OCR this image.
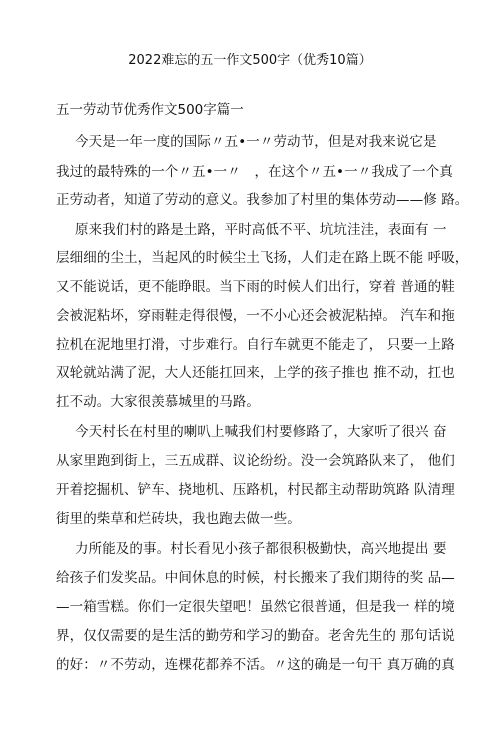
2022难忘的五一作文500字（优秀10篇）
五一劳动节优秀作文500字篇一
今天是一年一度的国际〃五•一〃劳动节，但是对我来说它是
我过的最特殊的一个〃五•一〃　，在这个〃五•一〃我成了一个真
正劳动者，知道了劳动的意义。我参加了村里的集体劳动——修 路。
原来我们村的路是土路，平时高低不平、坑坑洼洼，表面有 一
层细细的尘土，当起风的时候尘土飞扬，人们走在路上既不能 呼吸，
又不能说话，更不能睁眼。当下雨的时候人们出行，穿着 普通的鞋
会被泥粘坏，穿雨鞋走得很慢，一不小心还会被泥粘掉。 汽车和拖
拉机在泥地里打滑，寸步难行。自行车就更不能走了， 只要一上路
双轮就站满了泥，大人还能扛回来，上学的孩子推也 推不动，扛也
扛不动。大家很羡慕城里的马路。
今天村长在村里的喇叭上喊我们村要修路了，大家听了很兴 奋
从家里跑到街上，三五成群、议论纷纷。没一会筑路队来了， 他们
开着挖掘机、铲车、挠地机、压路机，村民都主动帮助筑路 队清理
街里的柴草和烂砖块，我也跑去做一些。
力所能及的事。村长看见小孩子都很积极勤快，高兴地提出 要
给孩子们发奖品。中间休息的时候，村长搬来了我们期待的奖 品—
—一箱雪糕。你们一定很失望吧！虽然它很普通，但是我一 样的境
界，仅仅需要的是生活的勤劳和学习的勤奋。老舍先生的 那句话说
的好：〃不劳动，连棵花都养不活。〃这的确是一句干 真万确的真
